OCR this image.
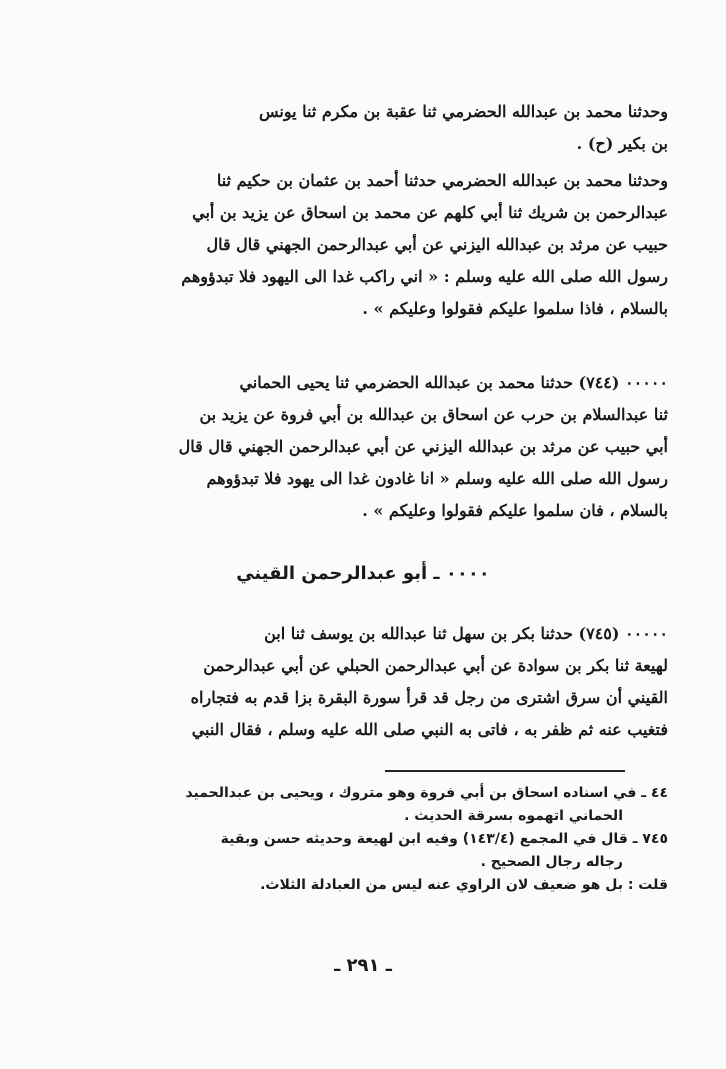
وحدثنا محمد بن عبدالله الحضرمي ثنا عقبة بن مكرم ثنا يونس
بن بكير (ح) .
وحدثنا محمد بن عبدالله الحضرمي حدثنا أحمد بن عثمان بن حكيم ثنا
عبدالرحمن بن شريك ثنا أبي كلهم عن محمد بن اسحاق عن يزيد بن أبي
حبيب عن مرثد بن عبدالله اليزني عن أبي عبدالرحمن الجهني قال قال
رسول الله صلى الله عليه وسلم : « اني راكب غدا الى اليهود فلا تبدؤوهم
بالسلام ، فاذا سلموا عليكم فقولوا وعليكم » .
٠٠٠٠٠ (٧٤٤) حدثنا محمد بن عبدالله الحضرمي ثنا يحيى الحماني
ثنا عبدالسلام بن حرب عن اسحاق بن عبدالله بن أبي فروة عن يزيد بن
أبي حبيب عن مرثد بن عبدالله اليزني عن أبي عبدالرحمن الجهني قال قال
رسول الله صلى الله عليه وسلم « انا غادون غدا الى يهود فلا تبدؤوهم
بالسلام ، فان سلموا عليكم فقولوا وعليكم » .
٠٠٠٠ ـ أبو عبدالرحمن القيني
٠٠٠٠٠ (٧٤٥) حدثنا بكر بن سهل ثنا عبدالله بن يوسف ثنا ابن
لهيعة ثنا بكر بن سوادة عن أبي عبدالرحمن الحبلي عن أبي عبدالرحمن
القيني أن سرق اشترى من رجل قد قرأ سورة البقرة بزا قدم به فتجاراه
فتغيب عنه ثم ظفر به ، فاتى به النبي صلى الله عليه وسلم ، فقال النبي
٤٤ ـ في اسناده اسحاق بن أبي فروة وهو متروك ، ويحيى بن عبدالحميد
الحماني اتهموه بسرقة الحديث .
٧٤٥ ـ قال في المجمع (١٤٣/٤) وفيه ابن لهيعة وحديثه حسن وبقية
رجاله رجال الصحيح .
قلت : بل هو ضعيف لان الراوي عنه ليس من العبادلة الثلاث.
ـ ٢٩١ ـ
